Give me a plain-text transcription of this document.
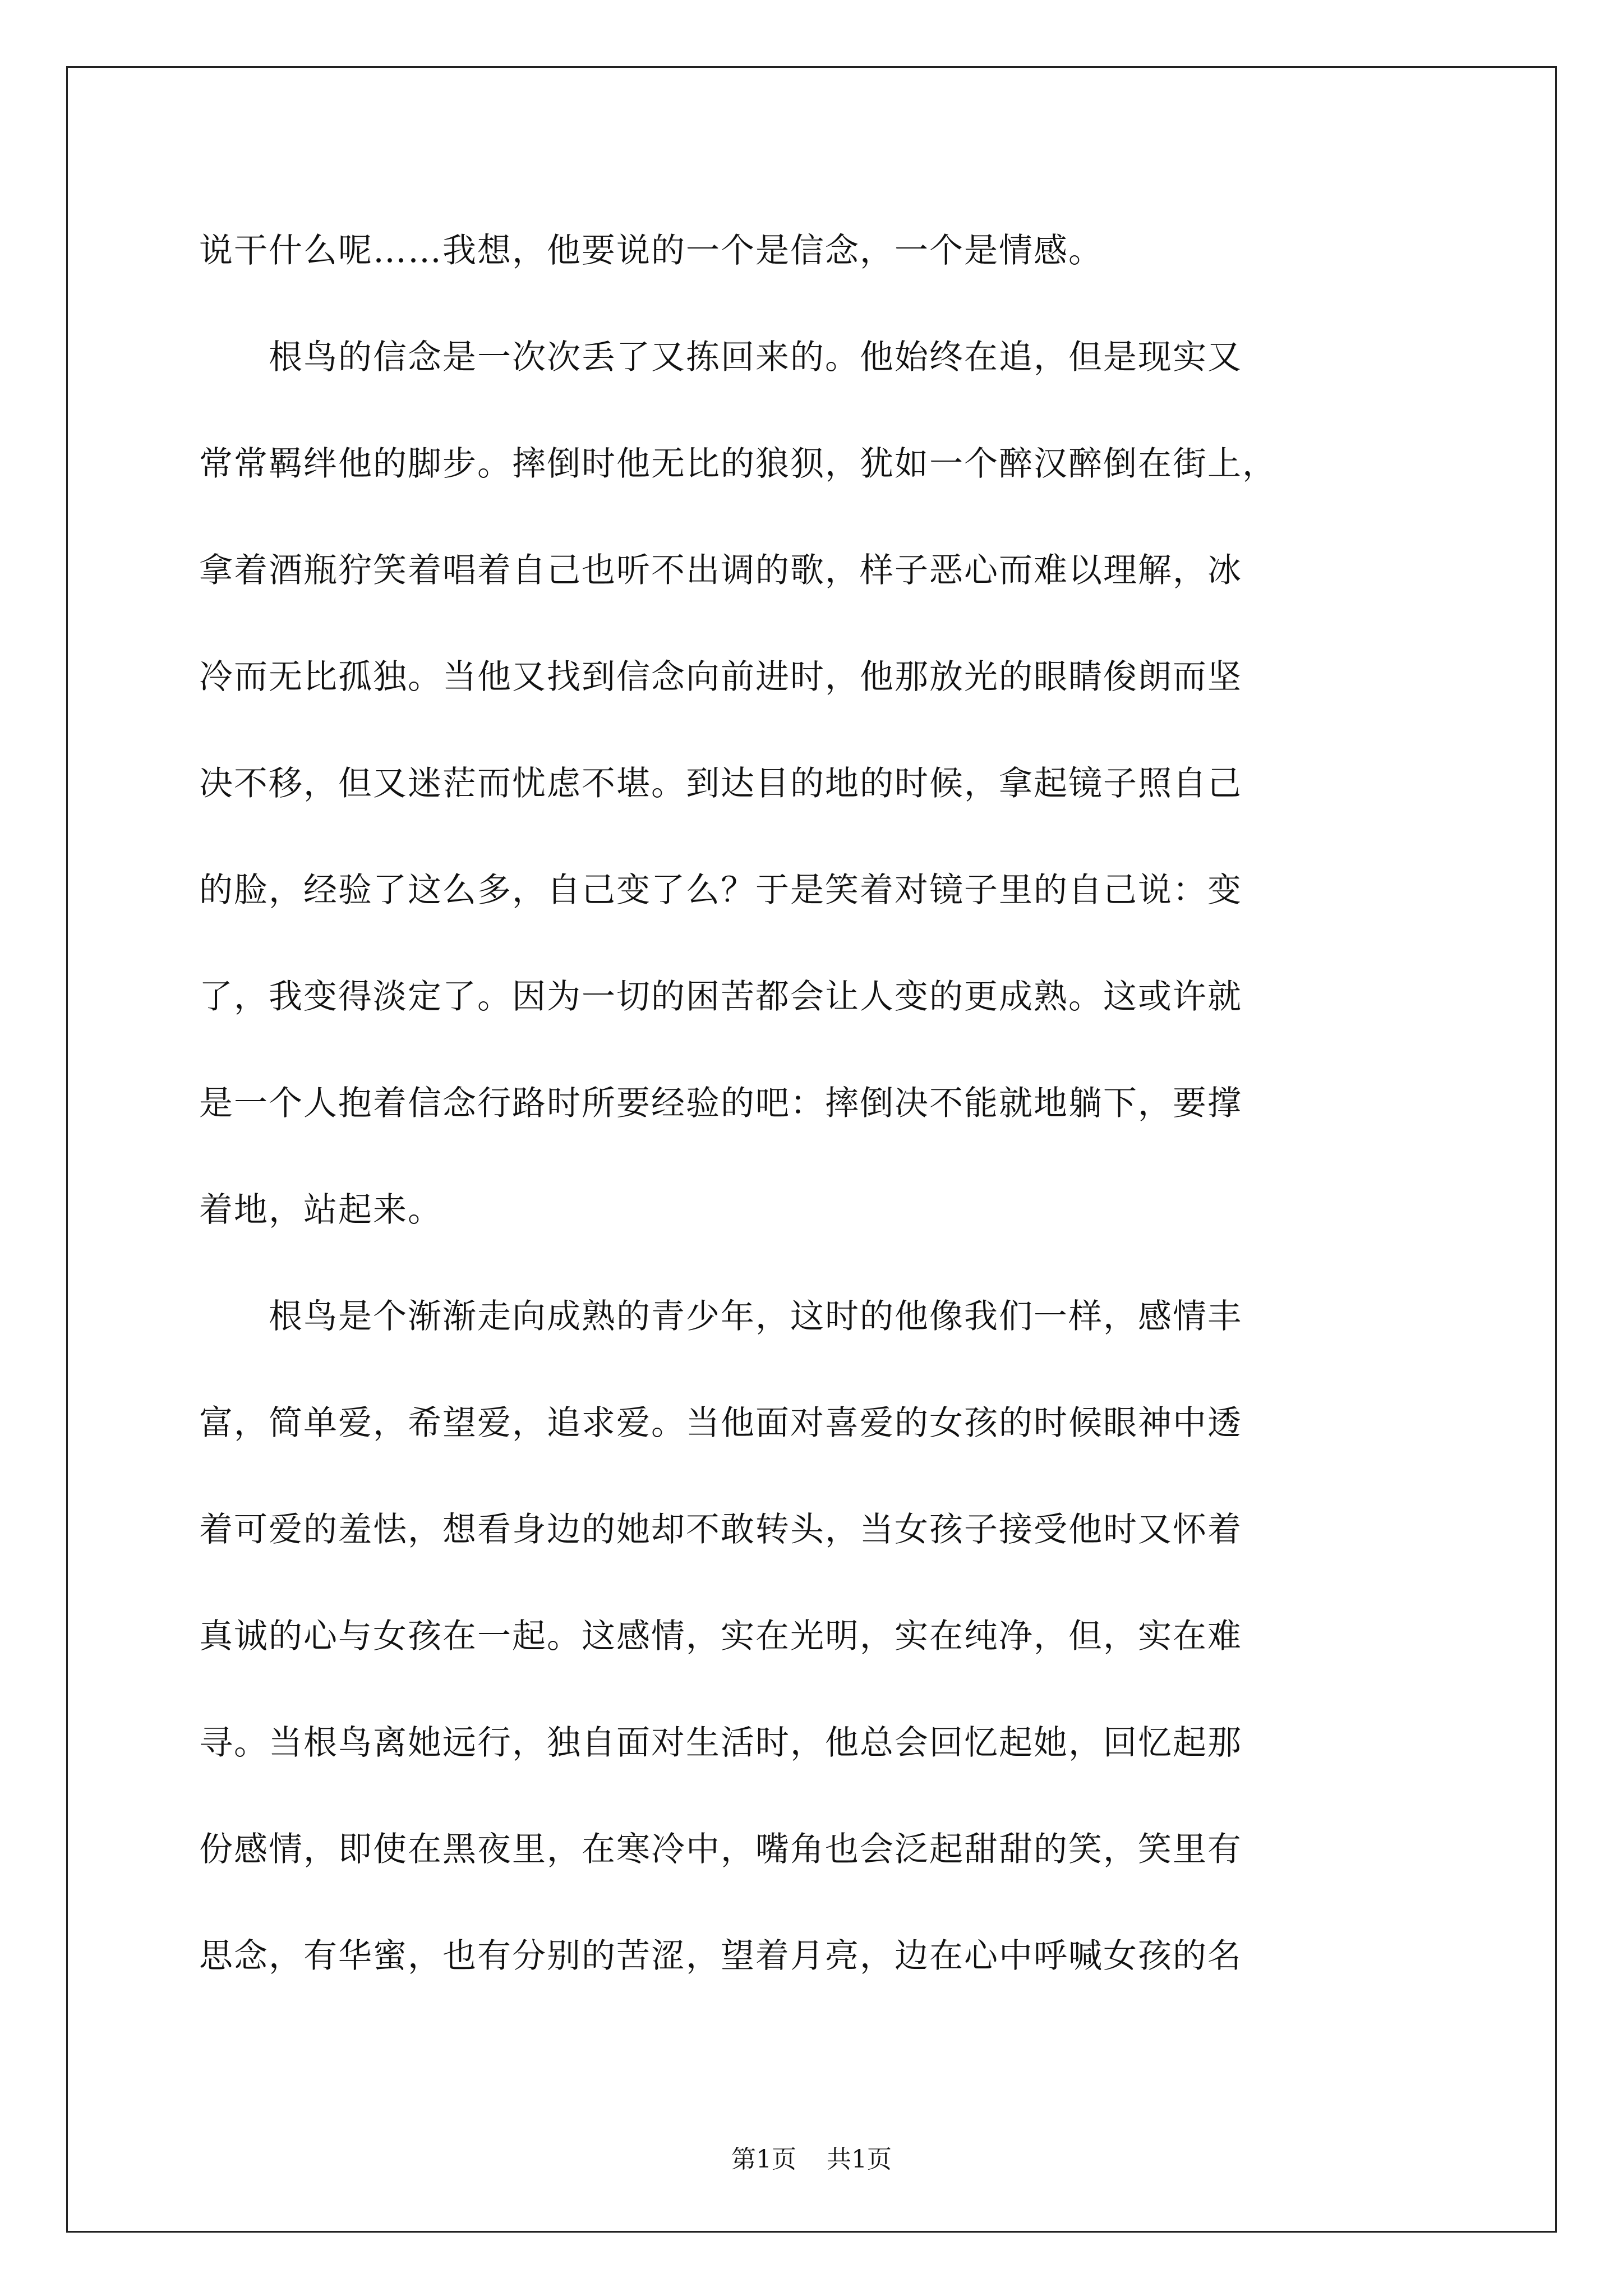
说干什么呢……我想，他要说的一个是信念，一个是情感。
　　根鸟的信念是一次次丢了又拣回来的。他始终在追，但是现实又
常常羁绊他的脚步。摔倒时他无比的狼狈，犹如一个醉汉醉倒在街上，
拿着酒瓶狞笑着唱着自己也听不出调的歌，样子恶心而难以理解，冰
冷而无比孤独。当他又找到信念向前进时，他那放光的眼睛俊朗而坚
决不移，但又迷茫而忧虑不堪。到达目的地的时候，拿起镜子照自己
的脸，经验了这么多，自己变了么？于是笑着对镜子里的自己说：变
了，我变得淡定了。因为一切的困苦都会让人变的更成熟。这或许就
是一个人抱着信念行路时所要经验的吧：摔倒决不能就地躺下，要撑
着地，站起来。
　　根鸟是个渐渐走向成熟的青少年，这时的他像我们一样，感情丰
富，简单爱，希望爱，追求爱。当他面对喜爱的女孩的时候眼神中透
着可爱的羞怯，想看身边的她却不敢转头，当女孩子接受他时又怀着
真诚的心与女孩在一起。这感情，实在光明，实在纯净，但，实在难
寻。当根鸟离她远行，独自面对生活时，他总会回忆起她，回忆起那
份感情，即使在黑夜里，在寒冷中，嘴角也会泛起甜甜的笑，笑里有
思念，有华蜜，也有分别的苦涩，望着月亮，边在心中呼喊女孩的名
第1页 共1页
